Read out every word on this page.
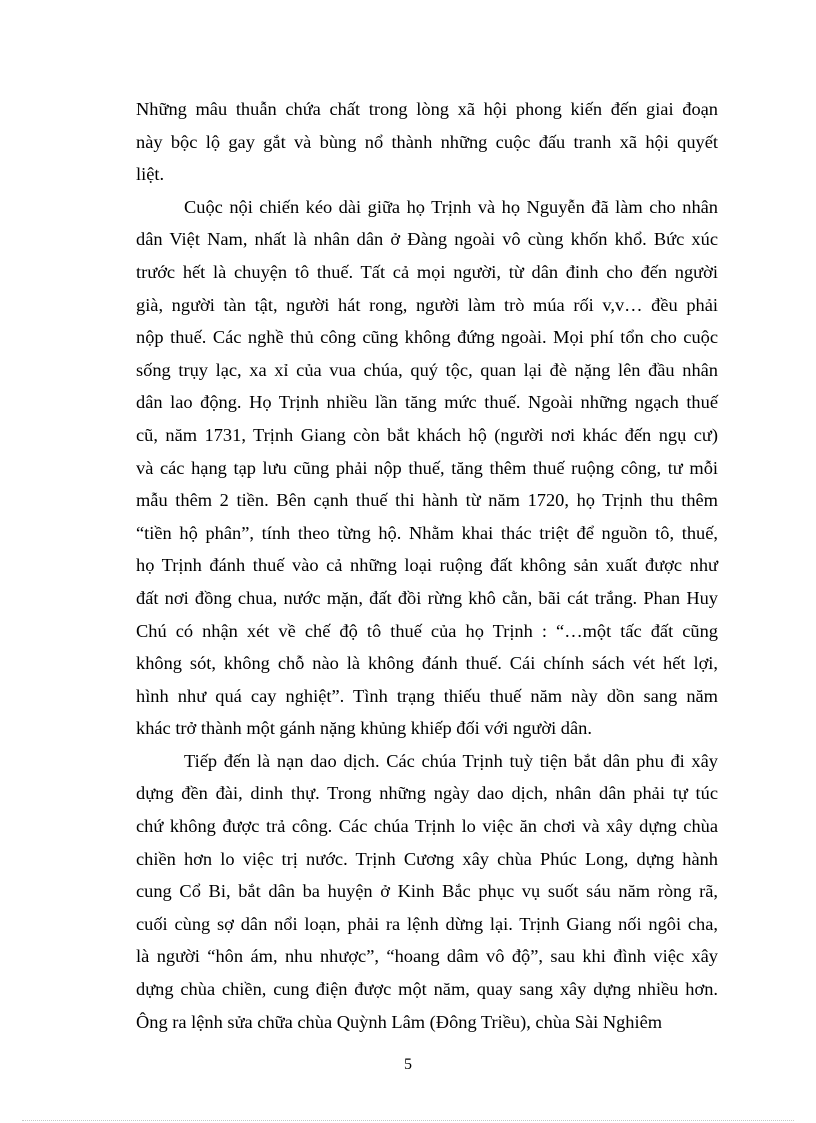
Những mâu thuẫn chứa chất trong lòng xã hội phong kiến đến giai đoạn
này bộc lộ gay gắt và bùng nổ thành những cuộc đấu tranh xã hội quyết
liệt.

Cuộc nội chiến kéo dài giữa họ Trịnh và họ Nguyễn đã làm cho nhân
dân Việt Nam, nhất là nhân dân ở Đàng ngoài vô cùng khốn khổ. Bức xúc
trước hết là chuyện tô thuế. Tất cả mọi người, từ dân đinh cho đến người
già, người tàn tật, người hát rong, người làm trò múa rối v,v… đều phải
nộp thuế. Các nghề thủ công cũng không đứng ngoài. Mọi phí tổn cho cuộc
sống trụy lạc, xa xỉ của vua chúa, quý tộc, quan lại đè nặng lên đầu nhân
dân lao động. Họ Trịnh nhiều lần tăng mức thuế. Ngoài những ngạch thuế
cũ, năm 1731, Trịnh Giang còn bắt khách hộ (người nơi khác đến ngụ cư)
và các hạng tạp lưu cũng phải nộp thuế, tăng thêm thuế ruộng công, tư mỗi
mẫu thêm 2 tiền. Bên cạnh thuế thi hành từ năm 1720, họ Trịnh thu thêm
“tiền hộ phân”, tính theo từng hộ. Nhằm khai thác triệt để nguồn tô, thuế,
họ Trịnh đánh thuế vào cả những loại ruộng đất không sản xuất được như
đất nơi đồng chua, nước mặn, đất đồi rừng khô cằn, bãi cát trắng. Phan Huy
Chú có nhận xét về chế độ tô thuế của họ Trịnh : “…một tấc đất cũng
không sót, không chỗ nào là không đánh thuế. Cái chính sách vét hết lợi,
hình như quá cay nghiệt”. Tình trạng thiếu thuế năm này dồn sang năm
khác trở thành một gánh nặng khủng khiếp đối với người dân.

Tiếp đến là nạn dao dịch. Các chúa Trịnh tuỳ tiện bắt dân phu đi xây
dựng đền đài, dinh thự. Trong những ngày dao dịch, nhân dân phải tự túc
chứ không được trả công. Các chúa Trịnh lo việc ăn chơi và xây dựng chùa
chiền hơn lo việc trị nước. Trịnh Cương xây chùa Phúc Long, dựng hành
cung Cổ Bi, bắt dân ba huyện ở Kinh Bắc phục vụ suốt sáu năm ròng rã,
cuối cùng sợ dân nổi loạn, phải ra lệnh dừng lại. Trịnh Giang nối ngôi cha,
là người “hôn ám, nhu nhược”, “hoang dâm vô độ”, sau khi đình việc xây
dựng chùa chiền, cung điện được một năm, quay sang xây dựng nhiều hơn.
Ông ra lệnh sửa chữa chùa Quỳnh Lâm (Đông Triều), chùa Sài Nghiêm

5
